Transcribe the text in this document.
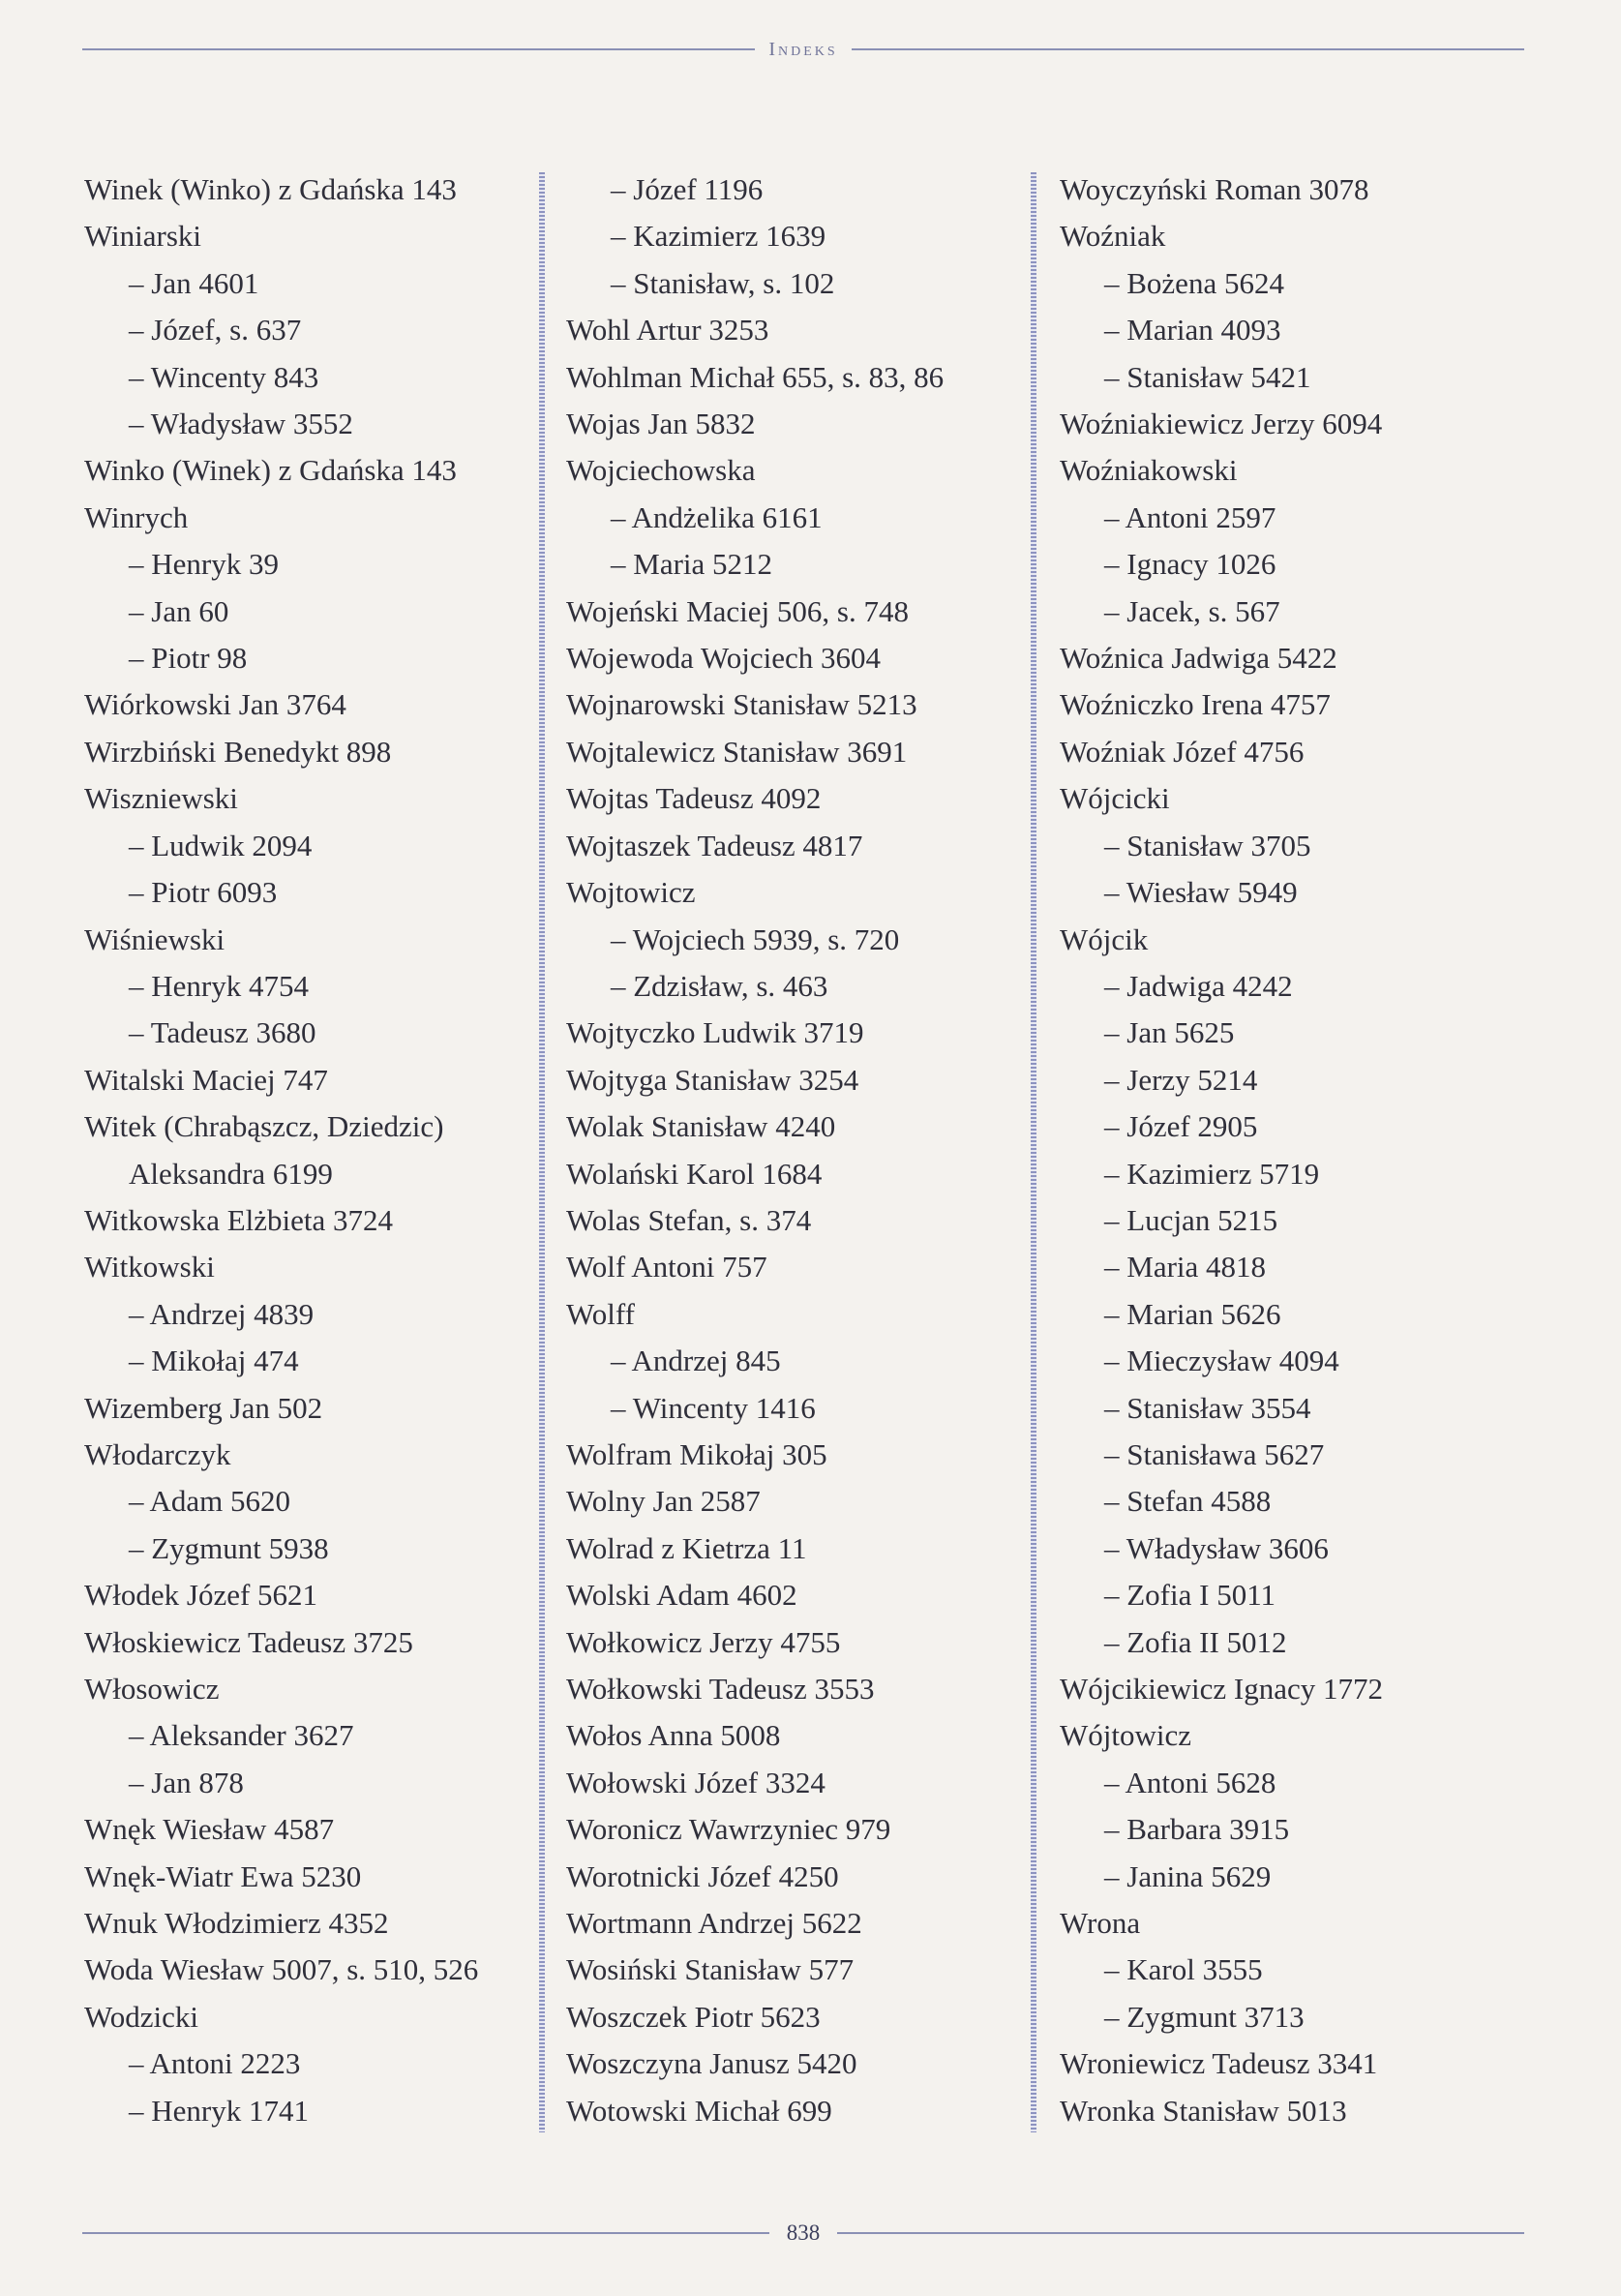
Indeks
Winek (Winko) z Gdańska 143
Winiarski
– Jan 4601
– Józef, s. 637
– Wincenty 843
– Władysław 3552
Winko (Winek) z Gdańska 143
Winrych
– Henryk 39
– Jan 60
– Piotr 98
Wiórkowski Jan 3764
Wirzbiński Benedykt 898
Wiszniewski
– Ludwik 2094
– Piotr 6093
Wiśniewski
– Henryk 4754
– Tadeusz 3680
Witalski Maciej 747
Witek (Chrabąszcz, Dziedzic)
Aleksandra 6199
Witkowska Elżbieta 3724
Witkowski
– Andrzej 4839
– Mikołaj 474
Wizemberg Jan 502
Włodarczyk
– Adam 5620
– Zygmunt 5938
Włodek Józef 5621
Włoskiewicz Tadeusz 3725
Włosowicz
– Aleksander 3627
– Jan 878
Wnęk Wiesław 4587
Wnęk-Wiatr Ewa 5230
Wnuk Włodzimierz 4352
Woda Wiesław 5007, s. 510, 526
Wodzicki
– Antoni 2223
– Henryk 1741
– Józef 1196
– Kazimierz 1639
– Stanisław, s. 102
Wohl Artur 3253
Wohlman Michał 655, s. 83, 86
Wojas Jan 5832
Wojciechowska
– Andżelika 6161
– Maria 5212
Wojeński Maciej 506, s. 748
Wojewoda Wojciech 3604
Wojnarowski Stanisław 5213
Wojtalewicz Stanisław 3691
Wojtas Tadeusz 4092
Wojtaszek Tadeusz 4817
Wojtowicz
– Wojciech 5939, s. 720
– Zdzisław, s. 463
Wojtyczko Ludwik 3719
Wojtyga Stanisław 3254
Wolak Stanisław 4240
Wolański Karol 1684
Wolas Stefan, s. 374
Wolf Antoni 757
Wolff
– Andrzej 845
– Wincenty 1416
Wolfram Mikołaj 305
Wolny Jan 2587
Wolrad z Kietrza 11
Wolski Adam 4602
Wołkowicz Jerzy 4755
Wołkowski Tadeusz 3553
Wołos Anna 5008
Wołowski Józef 3324
Woronicz Wawrzyniec 979
Worotnicki Józef 4250
Wortmann Andrzej 5622
Wosiński Stanisław 577
Woszczek Piotr 5623
Woszczyna Janusz 5420
Wotowski Michał 699
Woyczyński Roman 3078
Woźniak
– Bożena 5624
– Marian 4093
– Stanisław 5421
Woźniakiewicz Jerzy 6094
Woźniakowski
– Antoni 2597
– Ignacy 1026
– Jacek, s. 567
Woźnica Jadwiga 5422
Woźniczko Irena 4757
Woźniak Józef 4756
Wójcicki
– Stanisław 3705
– Wiesław 5949
Wójcik
– Jadwiga 4242
– Jan 5625
– Jerzy 5214
– Józef 2905
– Kazimierz 5719
– Lucjan 5215
– Maria 4818
– Marian 5626
– Mieczysław 4094
– Stanisław 3554
– Stanisława 5627
– Stefan 4588
– Władysław 3606
– Zofia I 5011
– Zofia II 5012
Wójcikiewicz Ignacy 1772
Wójtowicz
– Antoni 5628
– Barbara 3915
– Janina 5629
Wrona
– Karol 3555
– Zygmunt 3713
Wroniewicz Tadeusz 3341
Wronka Stanisław 5013
838
